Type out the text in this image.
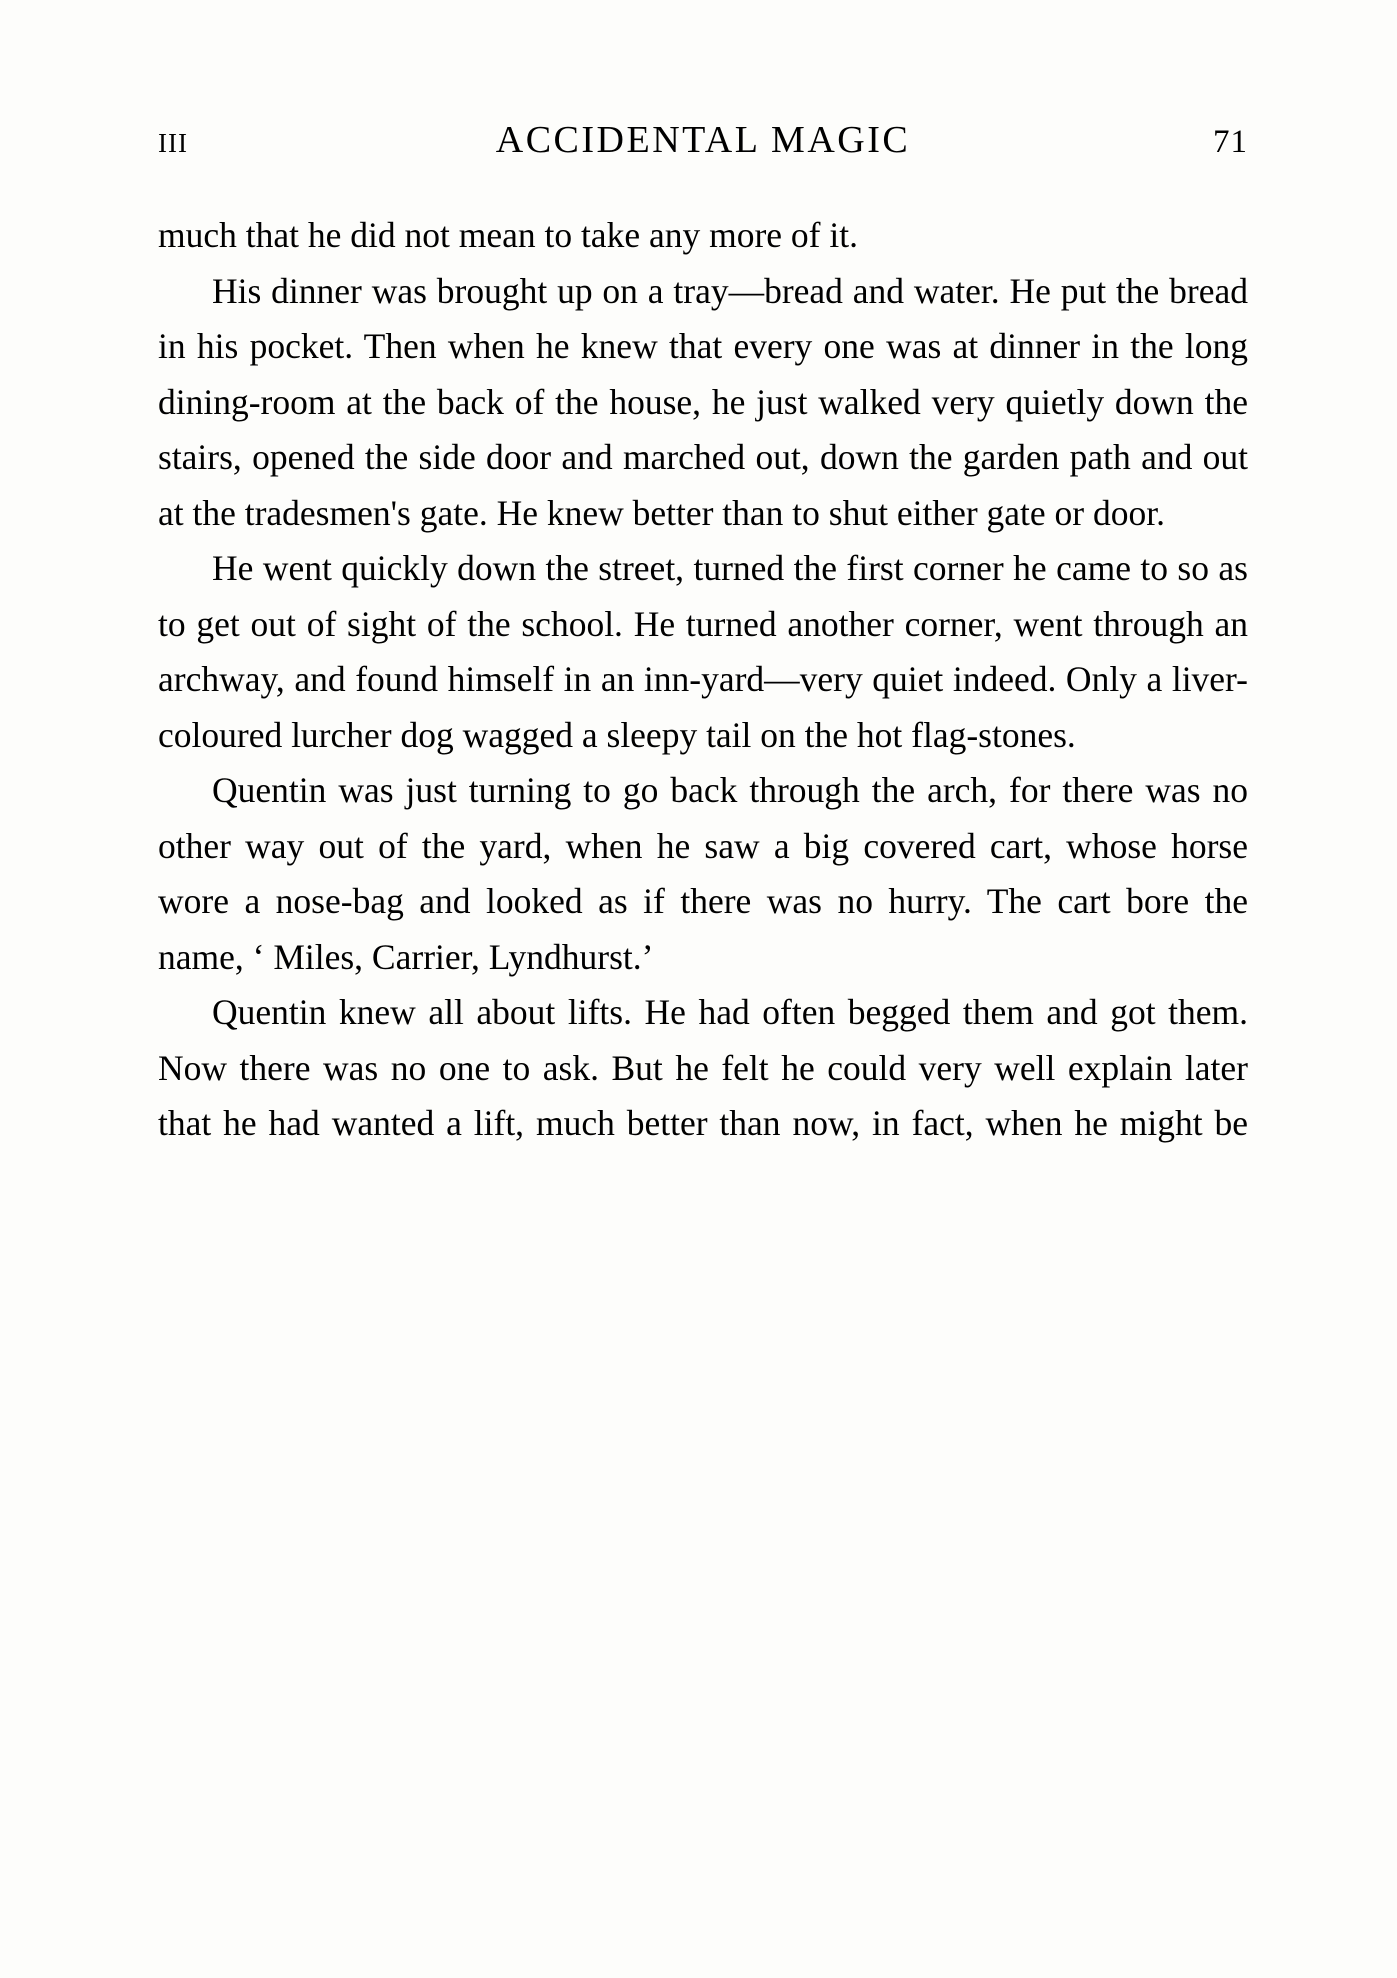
III	ACCIDENTAL MAGIC	71

much that he did not mean to take any more of it.

His dinner was brought up on a tray—bread and water. He put the bread in his pocket. Then when he knew that every one was at dinner in the long dining-room at the back of the house, he just walked very quietly down the stairs, opened the side door and marched out, down the garden path and out at the tradesmen's gate. He knew better than to shut either gate or door.

He went quickly down the street, turned the first corner he came to so as to get out of sight of the school. He turned another corner, went through an archway, and found himself in an inn-yard—very quiet indeed. Only a liver-coloured lurcher dog wagged a sleepy tail on the hot flag-stones.

Quentin was just turning to go back through the arch, for there was no other way out of the yard, when he saw a big covered cart, whose horse wore a nose-bag and looked as if there was no hurry. The cart bore the name, ‘ Miles, Carrier, Lyndhurst.’

Quentin knew all about lifts. He had often begged them and got them. Now there was no one to ask. But he felt he could very well explain later that he had wanted a lift, much better than now, in fact, when he might be
